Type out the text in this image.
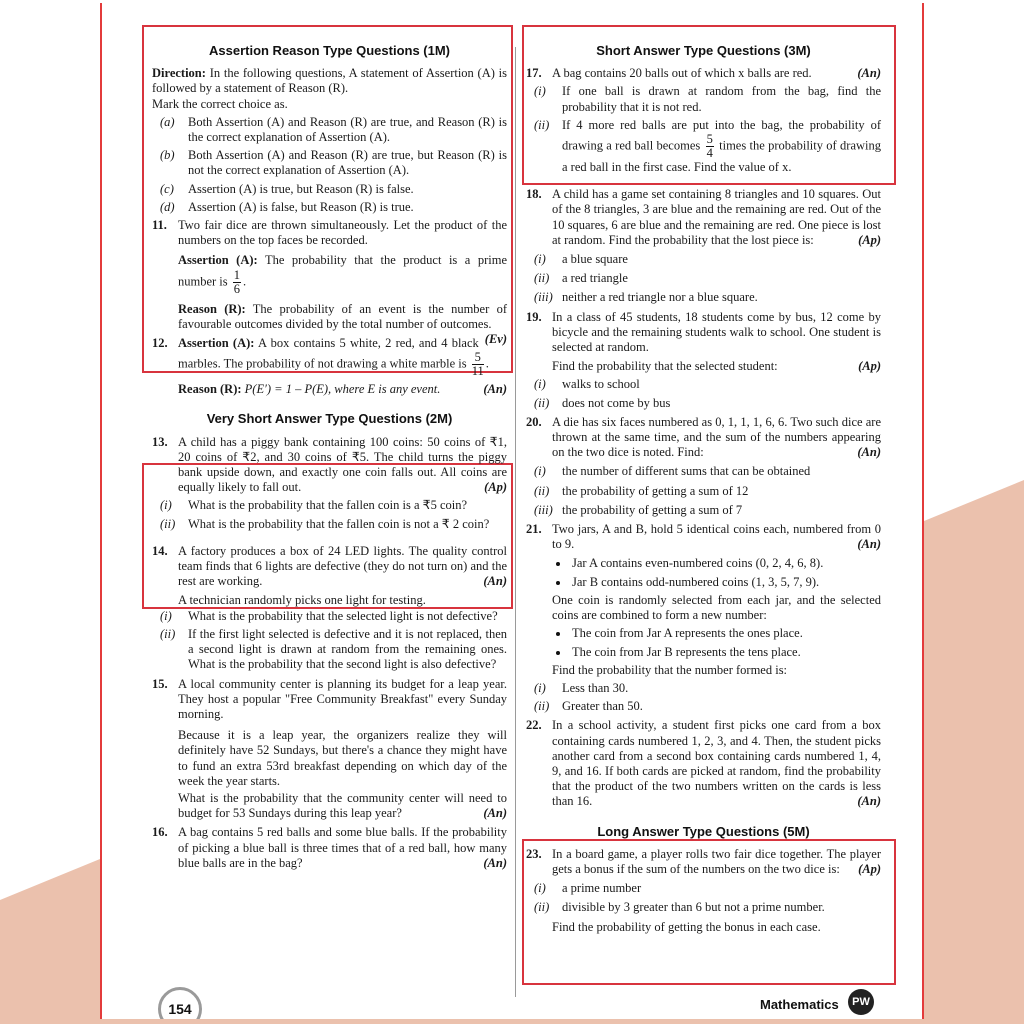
Assertion Reason Type Questions (1M)
Direction: In the following questions, A statement of Assertion (A) is followed by a statement of Reason (R).
Mark the correct choice as.
(a) Both Assertion (A) and Reason (R) are true, and Reason (R) is the correct explanation of Assertion (A).
(b) Both Assertion (A) and Reason (R) are true, but Reason (R) is not the correct explanation of Assertion (A).
(c) Assertion (A) is true, but Reason (R) is false.
(d) Assertion (A) is false, but Reason (R) is true.
11. Two fair dice are thrown simultaneously. Let the product of the numbers on the top faces be recorded.
Assertion (A): The probability that the product is a prime number is $\frac{1}{6}$ .
Reason (R): The probability of an event is the number of favourable outcomes divided by the total number of outcomes.
(Ev)
12. Assertion (A): A box contains 5 white, 2 red, and 4 black marbles. The probability of not drawing a white marble is $\frac{5}{11}$ .
Reason (R): P(E′) = 1 – P(E), where E is any event.	(An)
Very Short Answer Type Questions (2M)
13. A child has a piggy bank containing 100 coins: 50 coins of ₹1, 20 coins of ₹2, and 30 coins of ₹5. The child turns the piggy bank upside down, and exactly one coin falls out. All coins are equally likely to fall out.	(Ap)
(i) What is the probability that the fallen coin is a ₹5 coin?
(ii) What is the probability that the fallen coin is not a ₹ 2 coin?
14. A factory produces a box of 24 LED lights. The quality control team finds that 6 lights are defective (they do not turn on) and the rest are working.	(An)
A technician randomly picks one light for testing.
(i) What is the probability that the selected light is not defective?
(ii) If the first light selected is defective and it is not replaced, then a second light is drawn at random from the remaining ones. What is the probability that the second light is also defective?
15. A local community center is planning its budget for a leap year. They host a popular "Free Community Breakfast" every Sunday morning.
Because it is a leap year, the organizers realize they will definitely have 52 Sundays, but there's a chance they might have to fund an extra 53rd breakfast depending on which day of the week the year starts.
What is the probability that the community center will need to budget for 53 Sundays during this leap year?	(An)
16. A bag contains 5 red balls and some blue balls. If the probability of picking a blue ball is three times that of a red ball, how many blue balls are in the bag?	(An)
Short Answer Type Questions (3M)
17. A bag contains 20 balls out of which x balls are red.	(An)
(i) If one ball is drawn at random from the bag, find the probability that it is not red.
(ii) If 4 more red balls are put into the bag, the probability of drawing a red ball becomes $\frac{5}{4}$ times the probability of drawing a red ball in the first case. Find the value of x.
18. A child has a game set containing 8 triangles and 10 squares. Out of the 8 triangles, 3 are blue and the remaining are red. Out of the 10 squares, 6 are blue and the remaining are red. One piece is lost at random. Find the probability that the lost piece is:	(Ap)
(i) a blue square
(ii) a red triangle
(iii) neither a red triangle nor a blue square.
19. In a class of 45 students, 18 students come by bus, 12 come by bicycle and the remaining students walk to school. One student is selected at random.
Find the probability that the selected student:	(Ap)
(i) walks to school
(ii) does not come by bus
20. A die has six faces numbered as 0, 1, 1, 1, 6, 6. Two such dice are thrown at the same time, and the sum of the numbers appearing on the two dice is noted. Find:	(An)
(i) the number of different sums that can be obtained
(ii) the probability of getting a sum of 12
(iii) the probability of getting a sum of 7
21. Two jars, A and B, hold 5 identical coins each, numbered from 0 to 9.	(An)
Jar A contains even-numbered coins (0, 2, 4, 6, 8).
Jar B contains odd-numbered coins (1, 3, 5, 7, 9).
One coin is randomly selected from each jar, and the selected coins are combined to form a new number:
The coin from Jar A represents the ones place.
The coin from Jar B represents the tens place.
Find the probability that the number formed is:
(i) Less than 30.
(ii) Greater than 50.
22. In a school activity, a student first picks one card from a box containing cards numbered 1, 2, 3, and 4. Then, the student picks another card from a second box containing cards numbered 1, 4, 9, and 16. If both cards are picked at random, find the probability that the product of the two numbers written on the cards is less than 16.	(An)
Long Answer Type Questions (5M)
23. In a board game, a player rolls two fair dice together. The player gets a bonus if the sum of the numbers on the two dice is: (Ap)
(i) a prime number
(ii) divisible by 3 greater than 6 but not a prime number.
Find the probability of getting the bonus in each case.
154	Mathematics	PW
